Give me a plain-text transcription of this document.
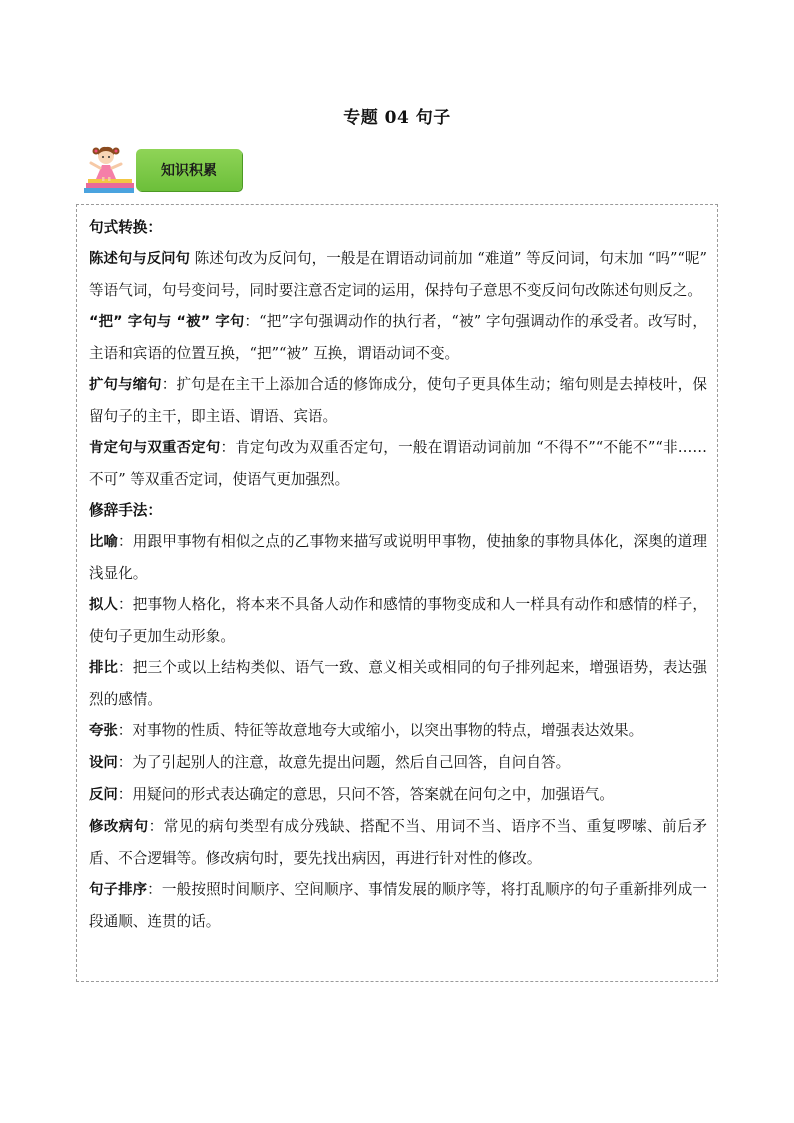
专题 04 句子
知识积累

句式转换：

陈述句与反问句 陈述句改为反问句，一般是在谓语动词前加 “难道” 等反问词，句末加 “吗”“呢” 等语气词，句号变问号，同时要注意否定词的运用，保持句子意思不变反问句改陈述句则反之。

“把” 字句与 “被” 字句：“把”字句强调动作的执行者，“被” 字句强调动作的承受者。改写时，主语和宾语的位置互换，“把”“被” 互换，谓语动词不变。

扩句与缩句：扩句是在主干上添加合适的修饰成分，使句子更具体生动；缩句则是去掉枝叶，保留句子的主干，即主语、谓语、宾语。

肯定句与双重否定句：肯定句改为双重否定句，一般在谓语动词前加 “不得不”“不能不”“非…… 不可” 等双重否定词，使语气更加强烈。

修辞手法：

比喻：用跟甲事物有相似之点的乙事物来描写或说明甲事物，使抽象的事物具体化，深奥的道理浅显化。

拟人：把事物人格化，将本来不具备人动作和感情的事物变成和人一样具有动作和感情的样子，使句子更加生动形象。

排比：把三个或以上结构类似、语气一致、意义相关或相同的句子排列起来，增强语势，表达强烈的感情。

夸张：对事物的性质、特征等故意地夸大或缩小，以突出事物的特点，增强表达效果。

设问：为了引起别人的注意，故意先提出问题，然后自己回答，自问自答。

反问：用疑问的形式表达确定的意思，只问不答，答案就在问句之中，加强语气。

修改病句：常见的病句类型有成分残缺、搭配不当、用词不当、语序不当、重复啰嗦、前后矛盾、不合逻辑等。修改病句时，要先找出病因，再进行针对性的修改。

句子排序：一般按照时间顺序、空间顺序、事情发展的顺序等，将打乱顺序的句子重新排列成一段通顺、连贯的话。
